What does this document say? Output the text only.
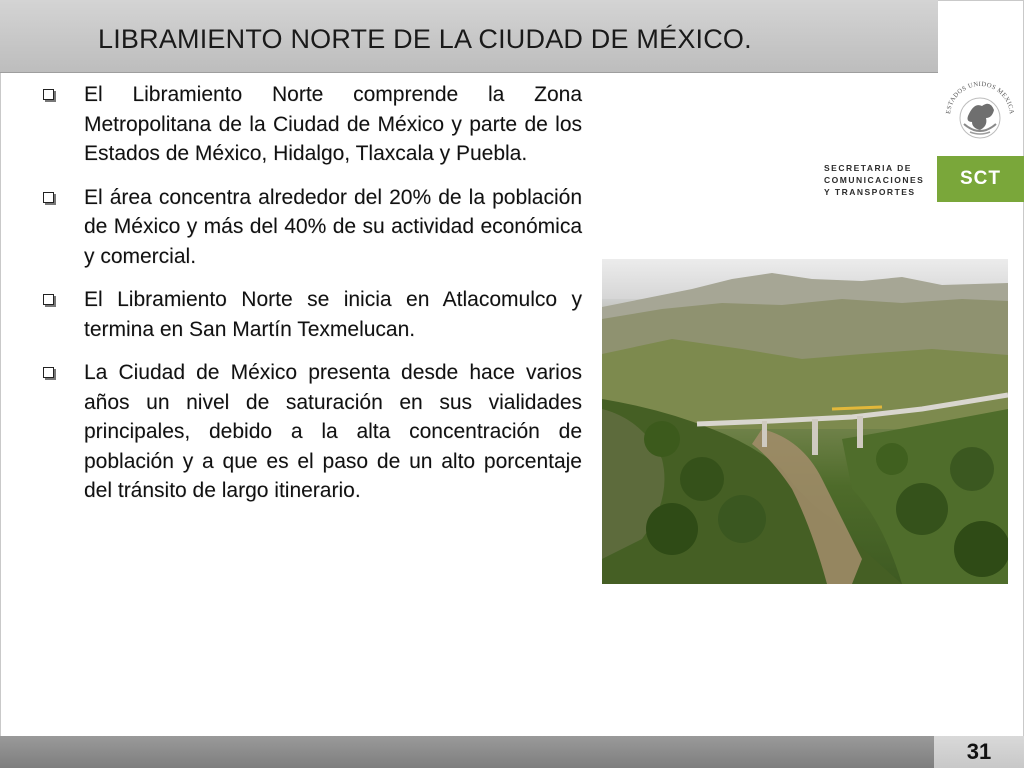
LIBRAMIENTO NORTE DE LA CIUDAD DE MÉXICO.
El Libramiento Norte comprende la Zona Metropolitana de la Ciudad de México y parte de los Estados de México, Hidalgo, Tlaxcala y Puebla.
El área concentra alrededor del 20% de la población de México y más del 40% de su actividad económica y comercial.
El Libramiento Norte se inicia en Atlacomulco y termina en San Martín Texmelucan.
La Ciudad de México presenta desde hace varios años un nivel de saturación en sus vialidades principales, debido a la alta concentración de población y a que es el paso de un alto porcentaje del tránsito de largo itinerario.
ESTADOS UNIDOS MEXICA
SECRETARIA DE
COMUNICACIONES
Y TRANSPORTES
SCT
31
